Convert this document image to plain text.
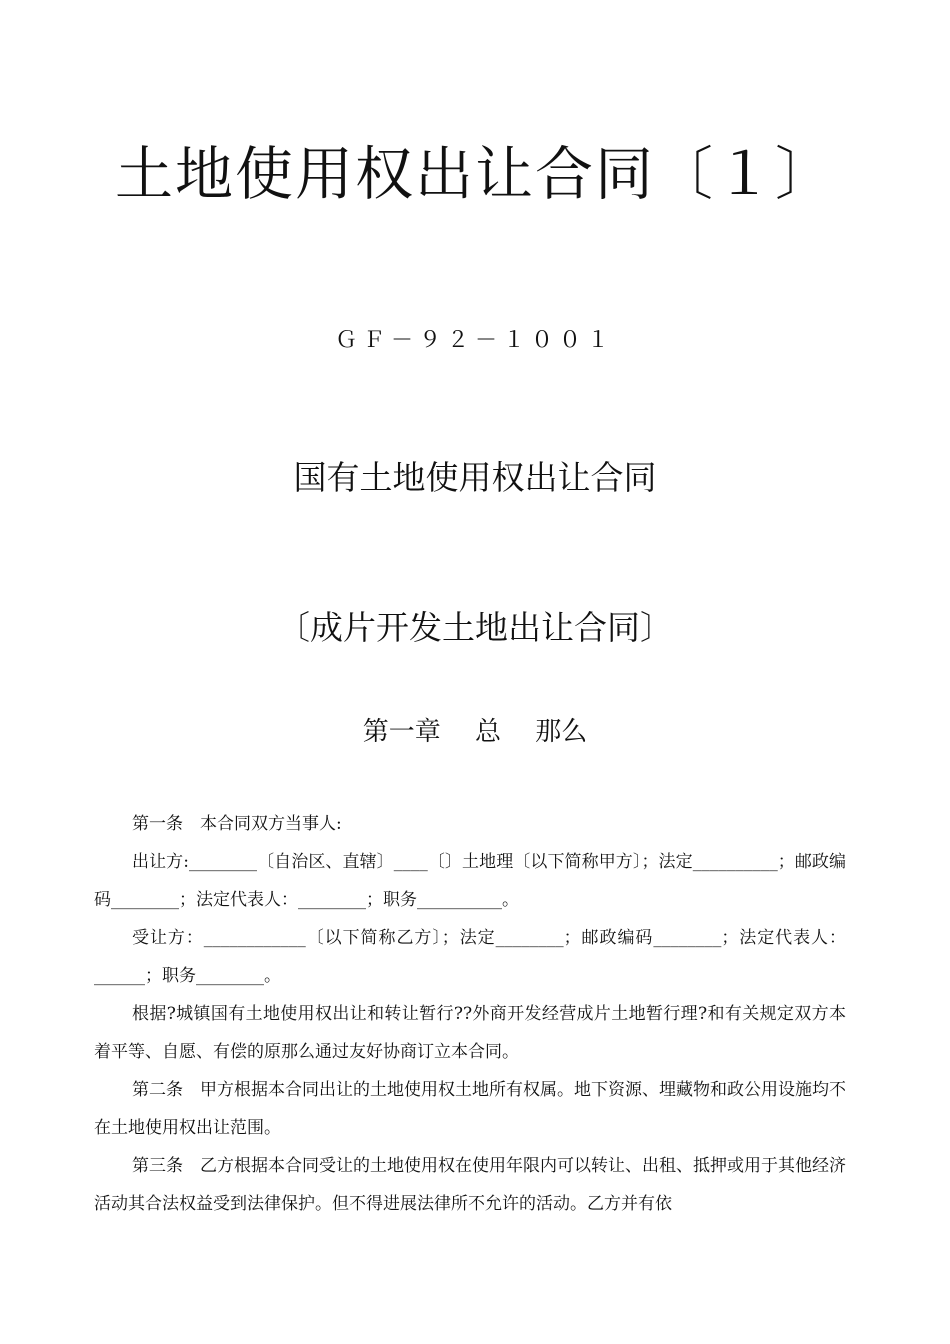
土地使用权出让合同〔１〕
ＧＦ－９２－１００１
国有土地使用权出让合同
〔成片开发土地出让合同〕
第一章　 总　 那么

第一条　本合同双方当事人:

出让方:________〔自治区、直辖〕____〔〕土地理〔以下简称甲方〕；法定__________；邮政编码________；法定代表人：________；职务__________。

受让方：____________〔以下简称乙方〕；法定________；邮政编码________；法定代表人：______；职务________。

根据?城镇国有土地使用权出让和转让暂行??外商开发经营成片土地暂行理?和有关规定双方本着平等、自愿、有偿的原那么通过友好协商订立本合同。

第二条　甲方根据本合同出让的土地使用权土地所有权属。地下资源、埋藏物和政公用设施均不在土地使用权出让范围。

第三条　乙方根据本合同受让的土地使用权在使用年限内可以转让、出租、抵押或用于其他经济活动其合法权益受到法律保护。但不得进展法律所不允许的活动。乙方并有依
